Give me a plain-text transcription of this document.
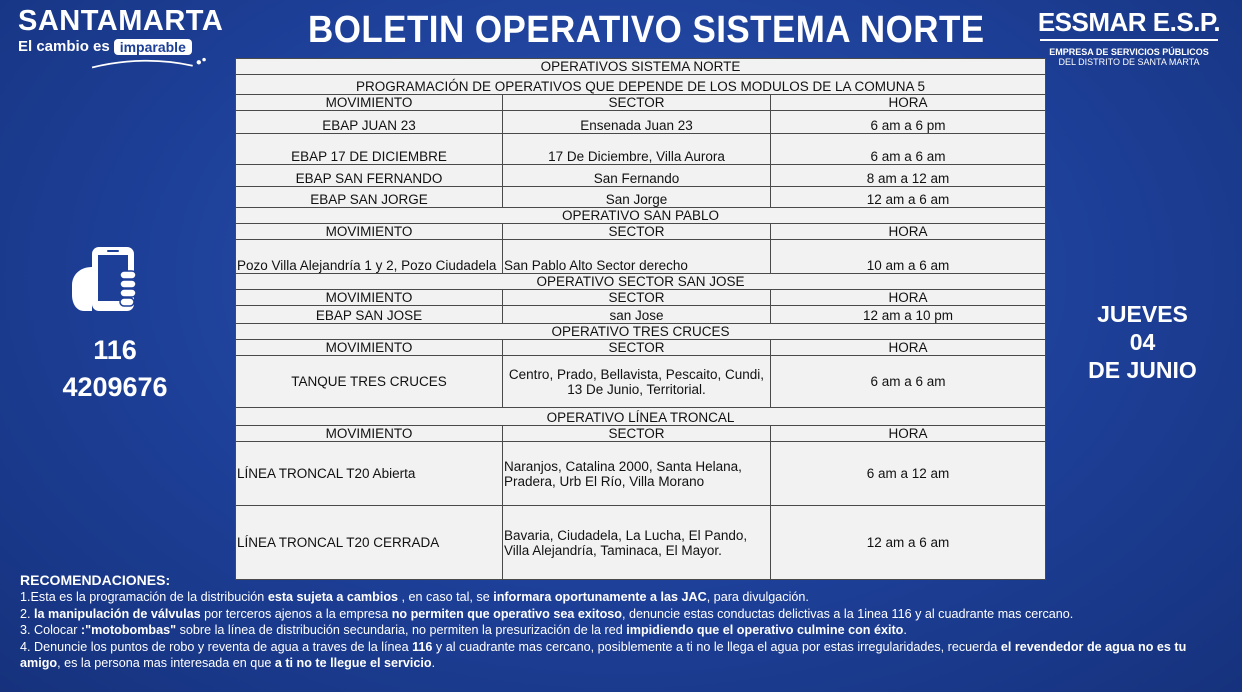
SANTAMARTA
El cambio es imparable	BOLETIN OPERATIVO SISTEMA NORTE ESSMAR E.S.P.
EMPRESA DE SERVICIOS PÚBLICOS
DEL DISTRITO DE SANTA MARTA
116
4209676
JUEVES
04
DE JUNIO
OPERATIVOS SISTEMA NORTE		
PROGRAMACIÓN DE OPERATIVOS QUE DEPENDE DE LOS MODULOS DE LA COMUNA 5		
MOVIMIENTO	SECTOR	HORA
EBAP JUAN 23	Ensenada Juan 23	6 am a 6 pm
EBAP 17 DE DICIEMBRE	17 De Diciembre, Villa Aurora	6 am a 6 am
EBAP SAN FERNANDO	San Fernando	8 am a 12 am
EBAP SAN JORGE	San Jorge	12 am a 6 am
OPERATIVO SAN PABLO		
MOVIMIENTO	SECTOR	HORA
Pozo Villa Alejandría 1 y 2, Pozo Ciudadela	San Pablo Alto Sector derecho	10 am a 6 am
OPERATIVO SECTOR SAN JOSE		
MOVIMIENTO	SECTOR	HORA
EBAP SAN JOSE	san Jose	12 am a 10 pm
OPERATIVO TRES CRUCES		
MOVIMIENTO	SECTOR	HORA
TANQUE TRES CRUCES	Centro, Prado, Bellavista, Pescaito, Cundi, 13 De Junio, Territorial.	6 am a 6 am
OPERATIVO LÍNEA TRONCAL		
MOVIMIENTO	SECTOR	HORA
LÍNEA TRONCAL T20 Abierta	Naranjos, Catalina 2000, Santa Helana, Pradera, Urb El Río, Villa Morano	6 am a 12 am
LÍNEA TRONCAL T20 CERRADA	Bavaria, Ciudadela, La Lucha, El Pando, Villa Alejandría, Taminaca, El Mayor.	12 am a 6 am
RECOMENDACIONES:
1.Esta es la programación de la distribución esta sujeta a cambios , en caso tal, se informara oportunamente a las JAC, para divulgación.
2. la manipulación de válvulas por terceros ajenos a la empresa no permiten que operativo sea exitoso, denuncie estas conductas delictivas a la 1inea 116 y al cuadrante mas cercano.
3. Colocar :"motobombas" sobre la línea de distribución secundaria, no permiten la presurización de la red impidiendo que el operativo culmine con éxito.
4. Denuncie los puntos de robo y reventa de agua a traves de la línea 116 y al cuadrante mas cercano, posiblemente a ti no le llega el agua por estas irregularidades, recuerda el revendedor de agua no es tu amigo, es la persona mas interesada en que a ti no te llegue el servicio.
